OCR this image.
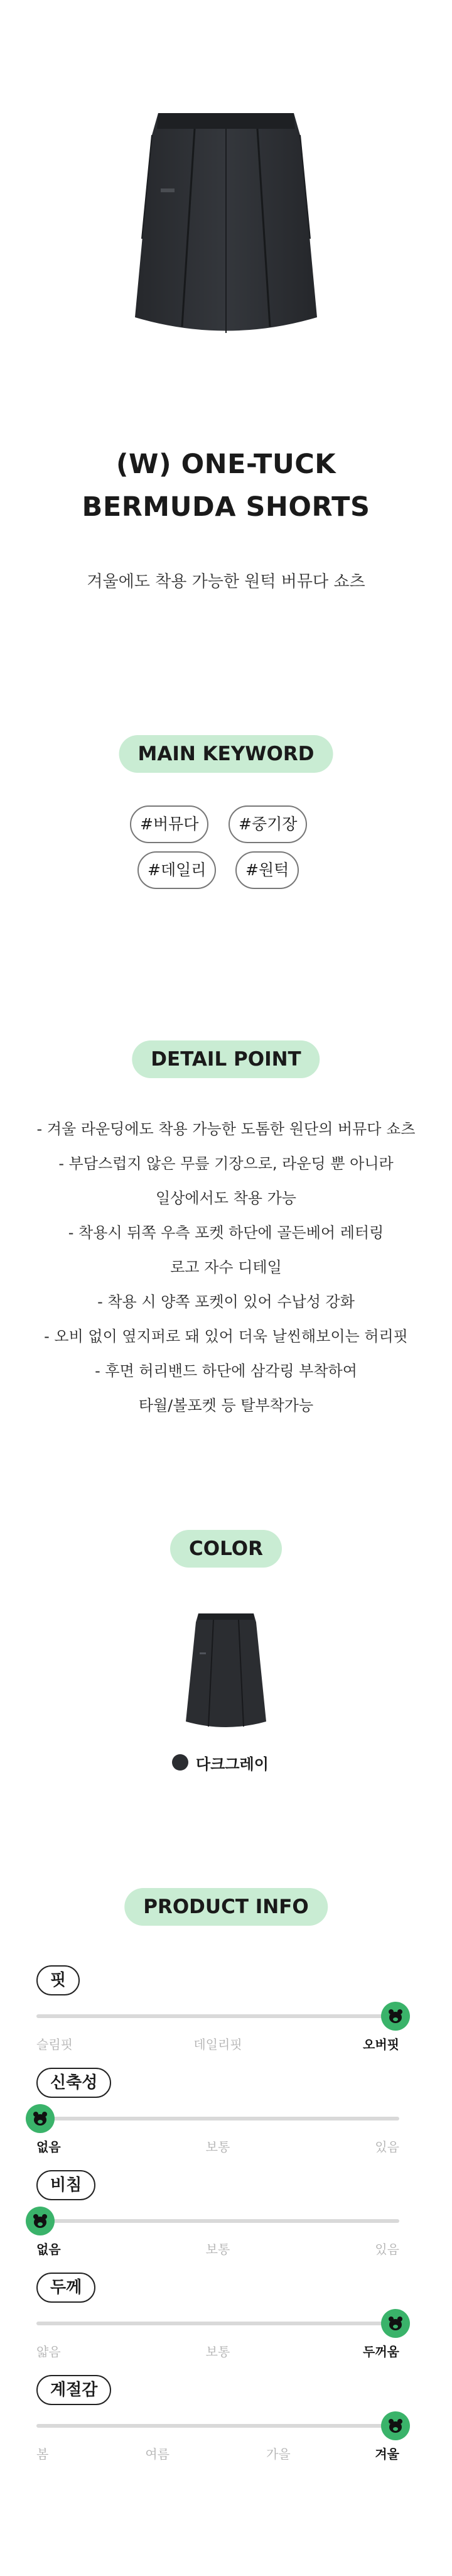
(W) ONE-TUCK
BERMUDA SHORTS
겨울에도 착용 가능한 원턱 버뮤다 쇼츠
MAIN KEYWORD
#버뮤다	#중기장
#데일리	#원턱
DETAIL POINT
- 겨울 라운딩에도 착용 가능한 도톰한 원단의 버뮤다 쇼츠
- 부담스럽지 않은 무릎 기장으로, 라운딩 뿐 아니라
일상에서도 착용 가능
- 착용시 뒤쪽 우측 포켓 하단에 골든베어 레터링
로고 자수 디테일
- 착용 시 양쪽 포켓이 있어 수납성 강화
- 오비 없이 옆지퍼로 돼 있어 더욱 날씬해보이는 허리핏
- 후면 허리밴드 하단에 삼각링 부착하여
타월/볼포켓 등 탈부착가능
COLOR
다크그레이
PRODUCT INFO
핏
슬림핏	데일리핏	오버핏
신축성
없음	보통	있음
비침
없음	보통	있음
두께
얇음	보통	두꺼움
계절감
봄	여름	가을	겨울
